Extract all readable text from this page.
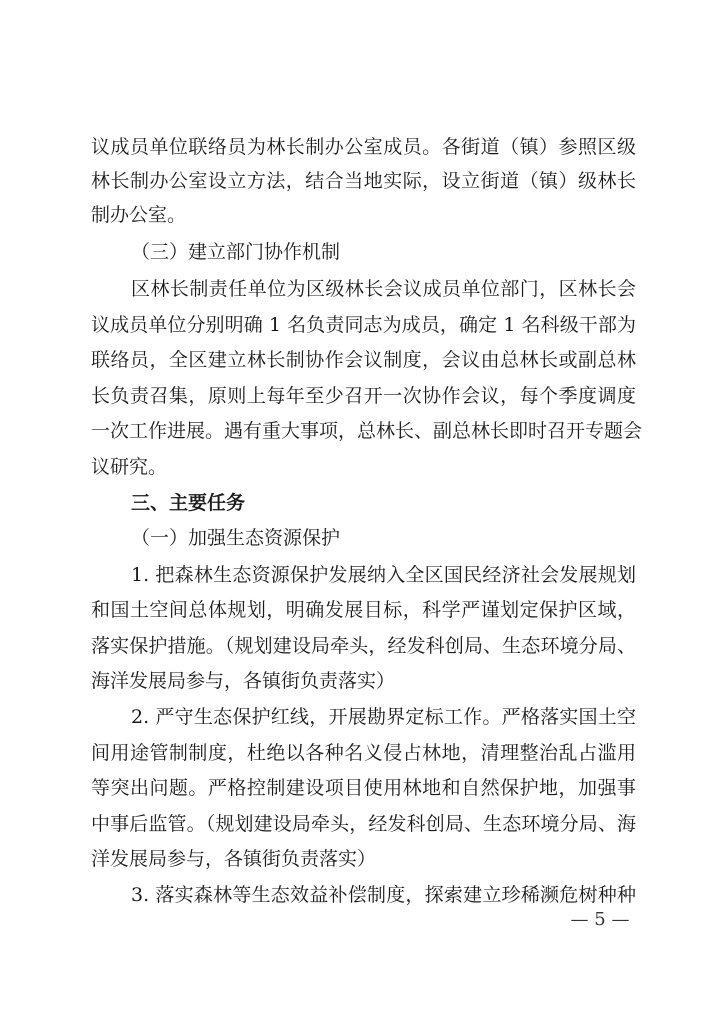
议成员单位联络员为林长制办公室成员。各街道（镇）参照区级
林长制办公室设立方法，结合当地实际，设立街道（镇）级林长
制办公室。
（三）建立部门协作机制
区林长制责任单位为区级林长会议成员单位部门，区林长会
议成员单位分别明确 1 名负责同志为成员，确定 1 名科级干部为
联络员，全区建立林长制协作会议制度，会议由总林长或副总林
长负责召集，原则上每年至少召开一次协作会议，每个季度调度
一次工作进展。遇有重大事项，总林长、副总林长即时召开专题会
议研究。
三、主要任务
（一）加强生态资源保护
1. 把森林生态资源保护发展纳入全区国民经济社会发展规划
和国土空间总体规划，明确发展目标，科学严谨划定保护区域，
落实保护措施。（规划建设局牵头，经发科创局、生态环境分局、
海洋发展局参与，各镇街负责落实）
2. 严守生态保护红线，开展勘界定标工作。严格落实国土空
间用途管制制度，杜绝以各种名义侵占林地，清理整治乱占滥用
等突出问题。严格控制建设项目使用林地和自然保护地，加强事
中事后监管。（规划建设局牵头，经发科创局、生态环境分局、海
洋发展局参与，各镇街负责落实）
3. 落实森林等生态效益补偿制度，探索建立珍稀濒危树种种
— 5 —
